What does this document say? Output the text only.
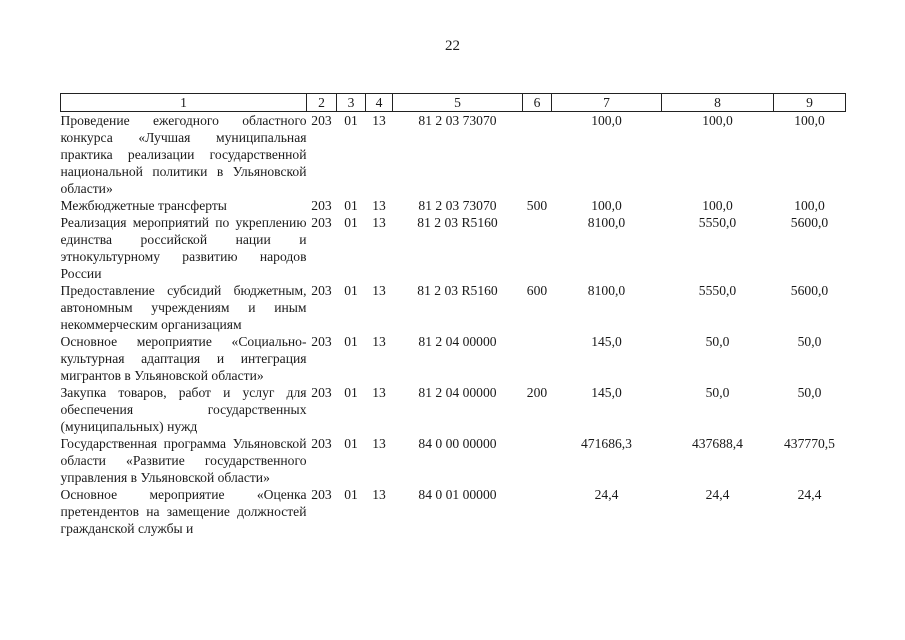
22
1	2	3	4	5	6	7	8	9
Проведение ежегодного областного конкурса «Лучшая муниципальная практика реализации государственной национальной политики в Ульяновской области»	203	01	13	81 2 03 73070		100,0	100,0	100,0
Межбюджетные трансферты	203	01	13	81 2 03 73070	500	100,0	100,0	100,0
Реализация мероприятий по укреплению единства российской нации и этнокультурному развитию народов России	203	01	13	81 2 03 R5160		8100,0	5550,0	5600,0
Предоставление субсидий бюджетным, автономным учреждениям и иным некоммерческим организациям	203	01	13	81 2 03 R5160	600	8100,0	5550,0	5600,0
Основное мероприятие «Социально-культурная адаптация и интеграция мигрантов в Ульяновской области»	203	01	13	81 2 04 00000		145,0	50,0	50,0
Закупка товаров, работ и услуг для обеспечения государственных (муниципальных) нужд	203	01	13	81 2 04 00000	200	145,0	50,0	50,0
Государственная программа Ульяновской области «Развитие государственного управления в Ульяновской области»	203	01	13	84 0 00 00000		471686,3	437688,4	437770,5
Основное мероприятие «Оценка претендентов на замещение должностей гражданской службы и	203	01	13	84 0 01 00000		24,4	24,4	24,4
